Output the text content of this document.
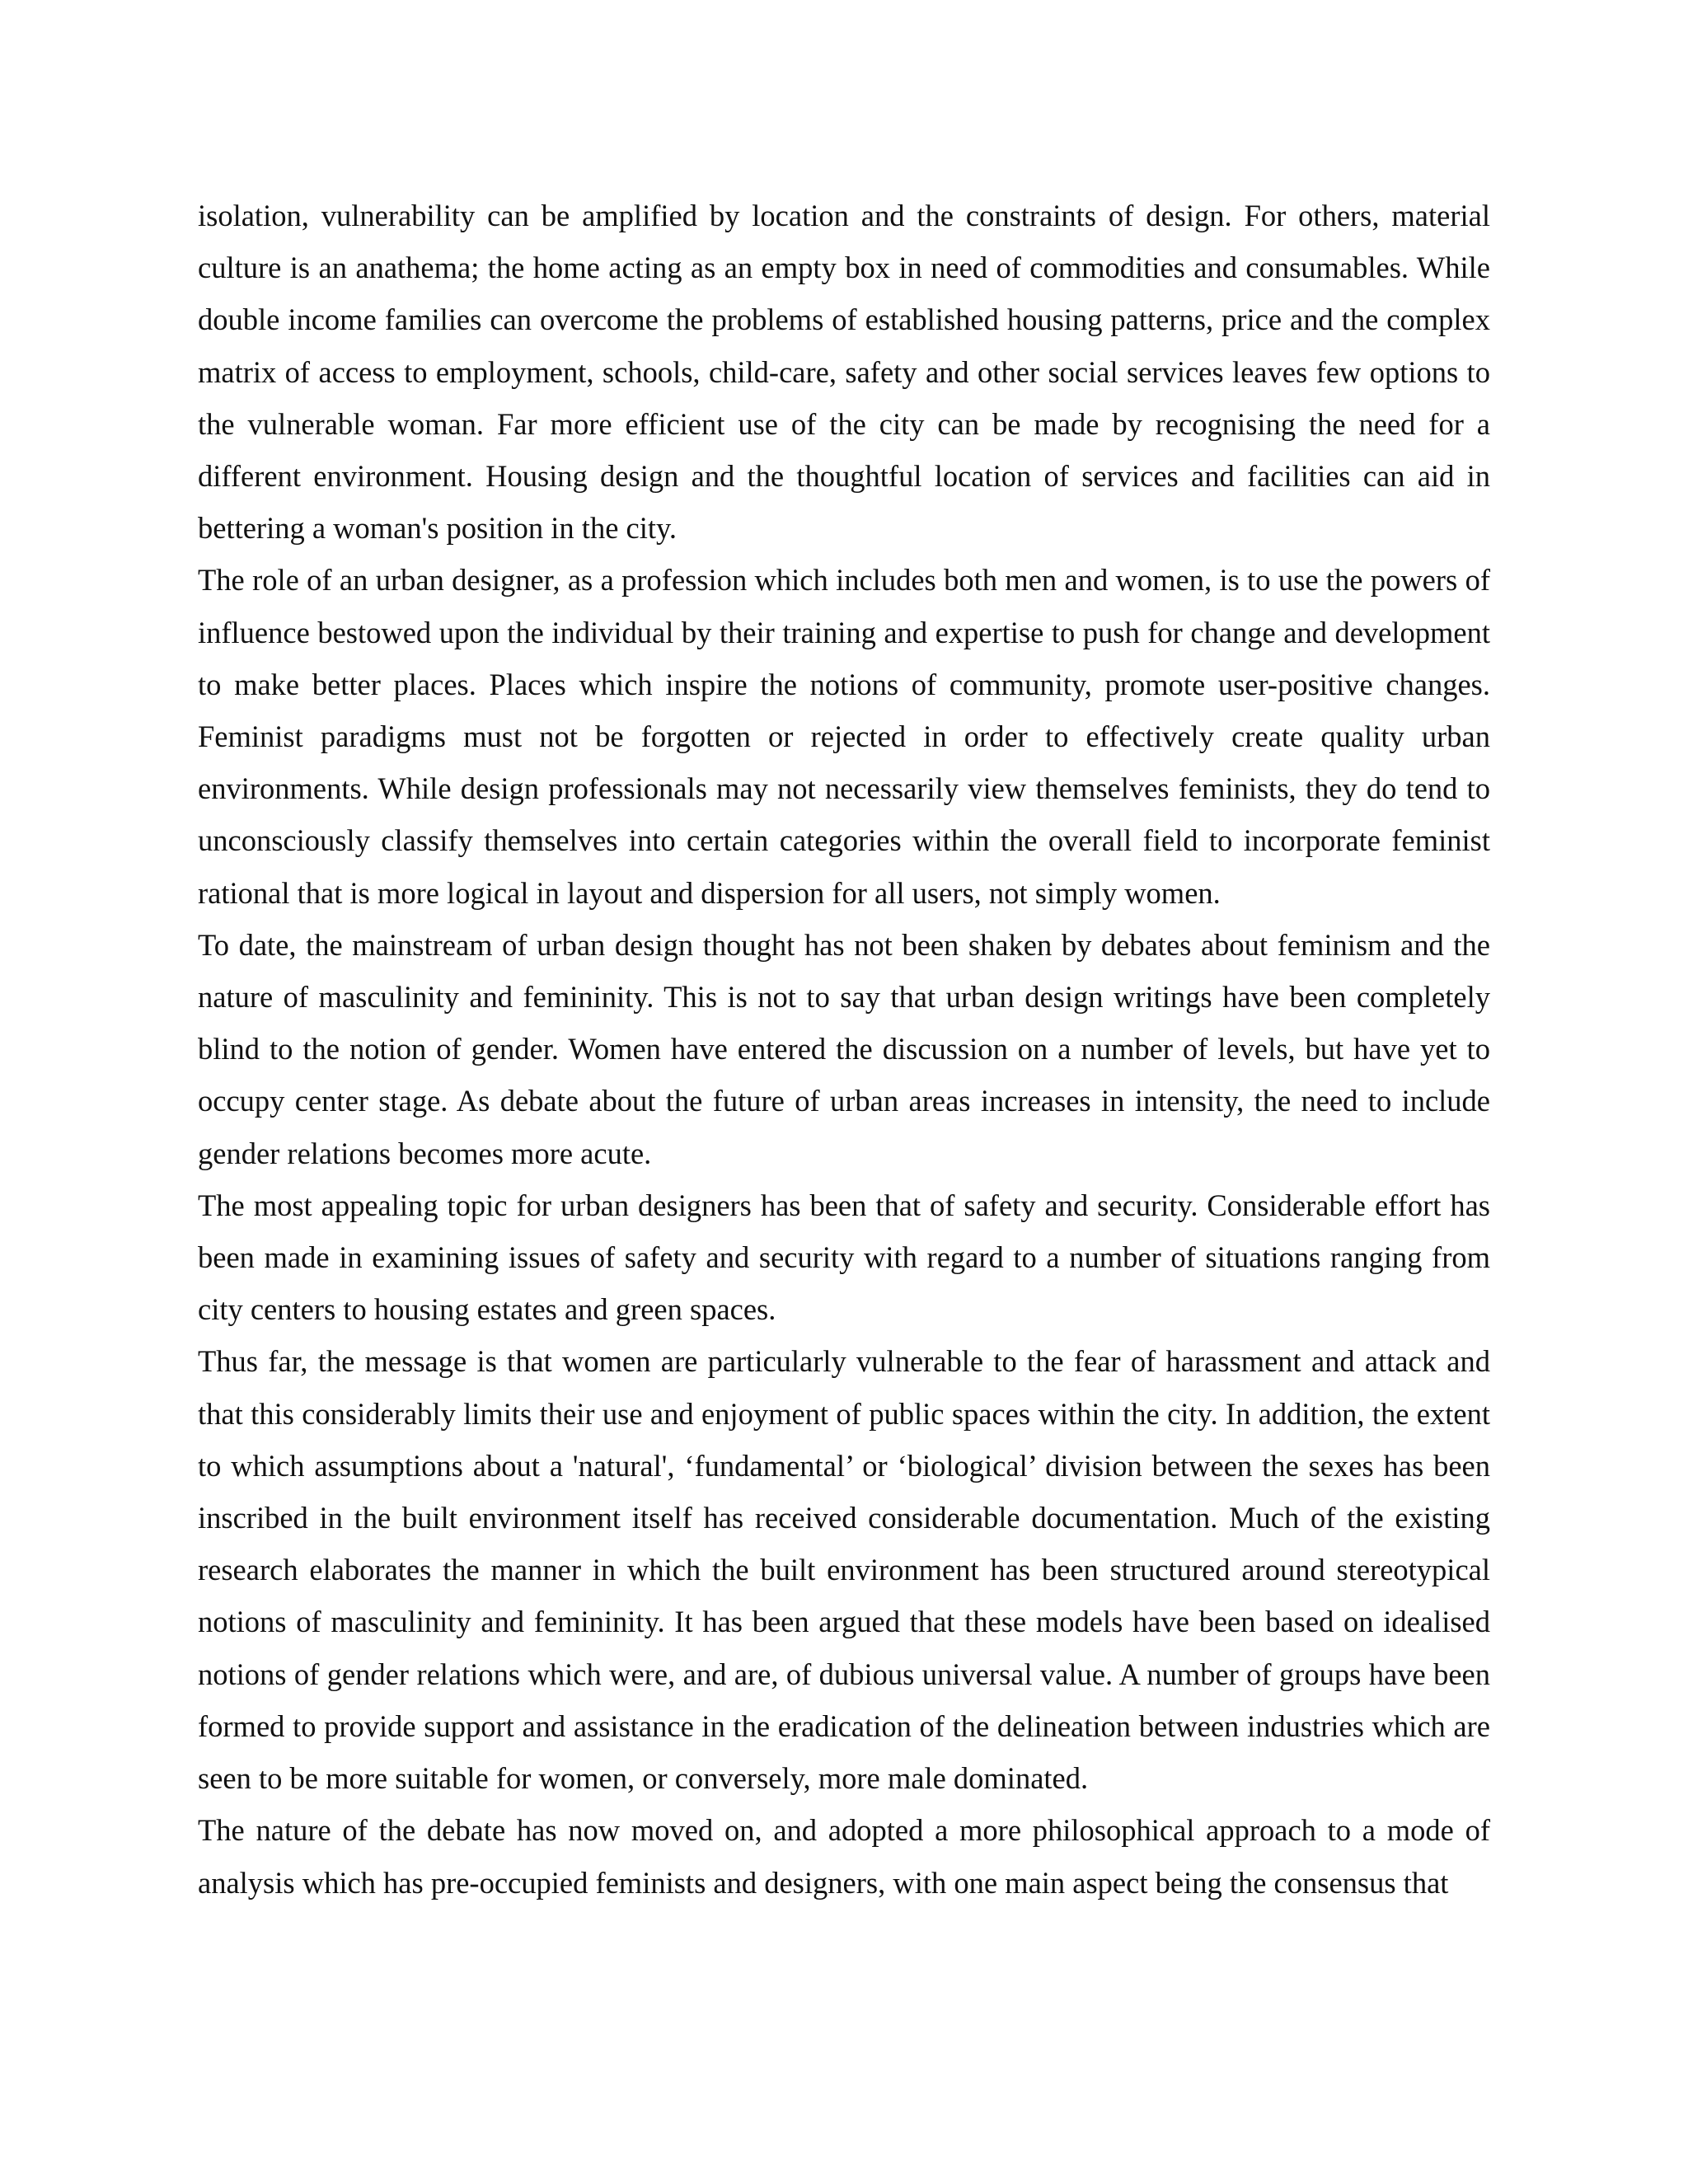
isolation, vulnerability can be amplified by location and the constraints of design. For others, material culture is an anathema; the home acting as an empty box in need of commodities and consumables. While double income families can overcome the problems of established housing patterns, price and the complex matrix of access to employment, schools, child-care, safety and other social services leaves few options to the vulnerable woman. Far more efficient use of the city can be made by recognising the need for a different environment. Housing design and the thoughtful location of services and facilities can aid in bettering a woman's position in the city.

The role of an urban designer, as a profession which includes both men and women, is to use the powers of influence bestowed upon the individual by their training and expertise to push for change and development to make better places. Places which inspire the notions of community, promote user-positive changes. Feminist paradigms must not be forgotten or rejected in order to effectively create quality urban environments. While design professionals may not necessarily view themselves feminists, they do tend to unconsciously classify themselves into certain categories within the overall field to incorporate feminist rational that is more logical in layout and dispersion for all users, not simply women.

To date, the mainstream of urban design thought has not been shaken by debates about feminism and the nature of masculinity and femininity. This is not to say that urban design writings have been completely blind to the notion of gender. Women have entered the discussion on a number of levels, but have yet to occupy center stage. As debate about the future of urban areas increases in intensity, the need to include gender relations becomes more acute.

The most appealing topic for urban designers has been that of safety and security. Considerable effort has been made in examining issues of safety and security with regard to a number of situations ranging from city centers to housing estates and green spaces.

Thus far, the message is that women are particularly vulnerable to the fear of harassment and attack and that this considerably limits their use and enjoyment of public spaces within the city. In addition, the extent to which assumptions about a 'natural', ‘fundamental’ or ‘biological’ division between the sexes has been inscribed in the built environment itself has received considerable documentation. Much of the existing research elaborates the manner in which the built environment has been structured around stereotypical notions of masculinity and femininity. It has been argued that these models have been based on idealised notions of gender relations which were, and are, of dubious universal value. A number of groups have been formed to provide support and assistance in the eradication of the delineation between industries which are seen to be more suitable for women, or conversely, more male dominated.

The nature of the debate has now moved on, and adopted a more philosophical approach to a mode of analysis which has pre-occupied feminists and designers, with one main aspect being the consensus that
